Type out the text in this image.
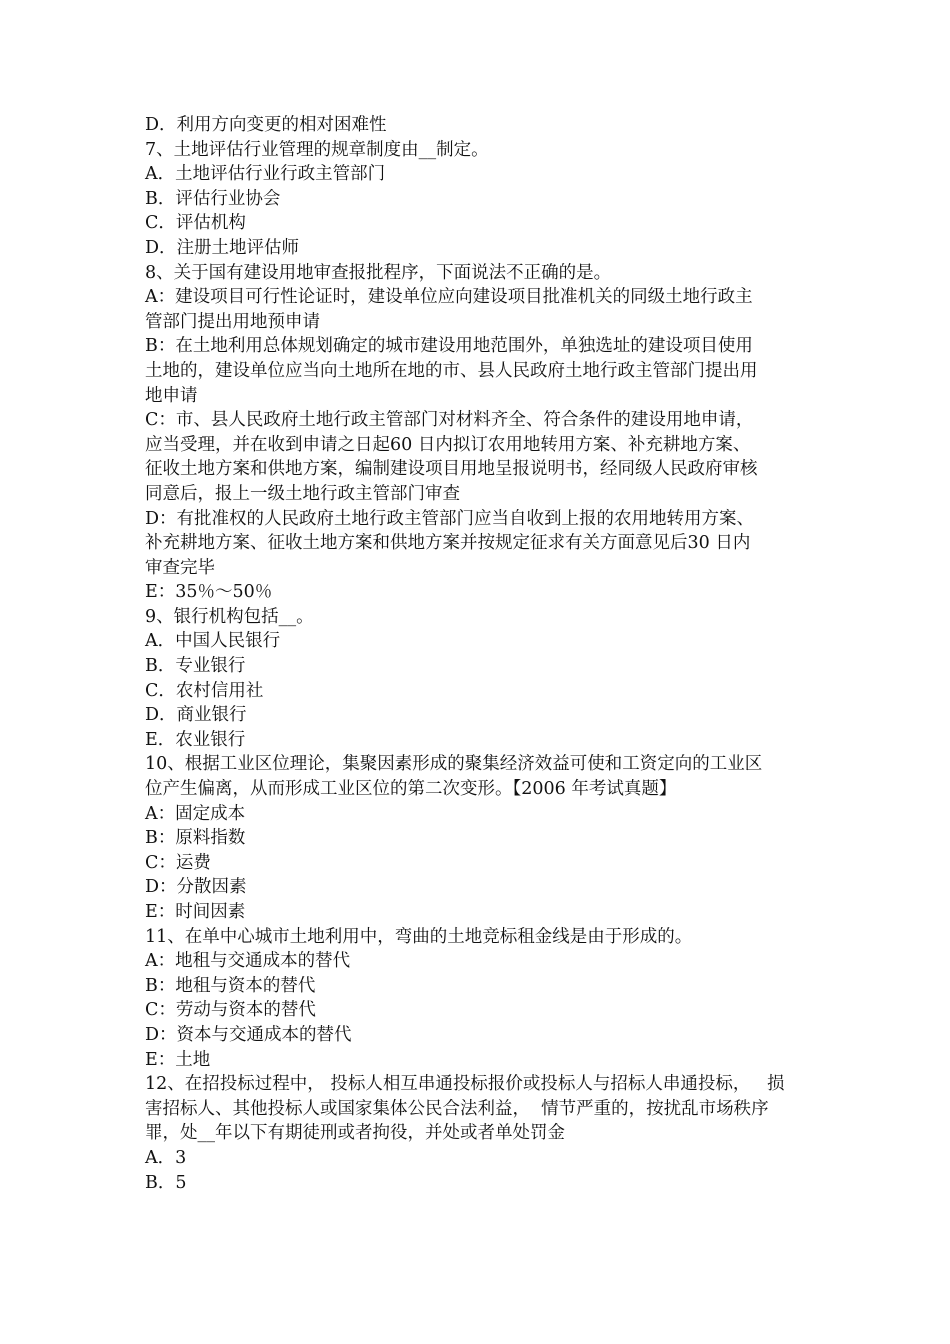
D．利用方向变更的相对困难性
7、土地评估行业管理的规章制度由__制定。
A．土地评估行业行政主管部门
B．评估行业协会
C．评估机构
D．注册土地评估师
8、关于国有建设用地审查报批程序，下面说法不正确的是。
A：建设项目可行性论证时，建设单位应向建设项目批准机关的同级土地行政主
管部门提出用地预申请
B：在土地利用总体规划确定的城市建设用地范围外，单独选址的建设项目使用
土地的，建设单位应当向土地所在地的市、县人民政府土地行政主管部门提出用
地申请
C：市、县人民政府土地行政主管部门对材料齐全、符合条件的建设用地申请，
应当受理，并在收到申请之日起60 日内拟订农用地转用方案、补充耕地方案、
征收土地方案和供地方案，编制建设项目用地呈报说明书，经同级人民政府审核
同意后，报上一级土地行政主管部门审查
D：有批准权的人民政府土地行政主管部门应当自收到上报的农用地转用方案、
补充耕地方案、征收土地方案和供地方案并按规定征求有关方面意见后30 日内
审查完毕
E：35％～50％
9、银行机构包括__。
A．中国人民银行
B．专业银行
C．农村信用社
D．商业银行
E．农业银行
10、根据工业区位理论，集聚因素形成的聚集经济效益可使和工资定向的工业区
位产生偏离，从而形成工业区位的第二次变形。【2006 年考试真题】
A：固定成本
B：原料指数
C：运费
D：分散因素
E：时间因素
11、在单中心城市土地利用中，弯曲的土地竞标租金线是由于形成的。
A：地租与交通成本的替代
B：地租与资本的替代
C：劳动与资本的替代
D：资本与交通成本的替代
E：土地
12、在招投标过程中， 投标人相互串通投标报价或投标人与招标人串通投标，   损
害招标人、其他投标人或国家集体公民合法利益，  情节严重的，按扰乱市场秩序
罪，处__年以下有期徒刑或者拘役，并处或者单处罚金
A．3
B．5
